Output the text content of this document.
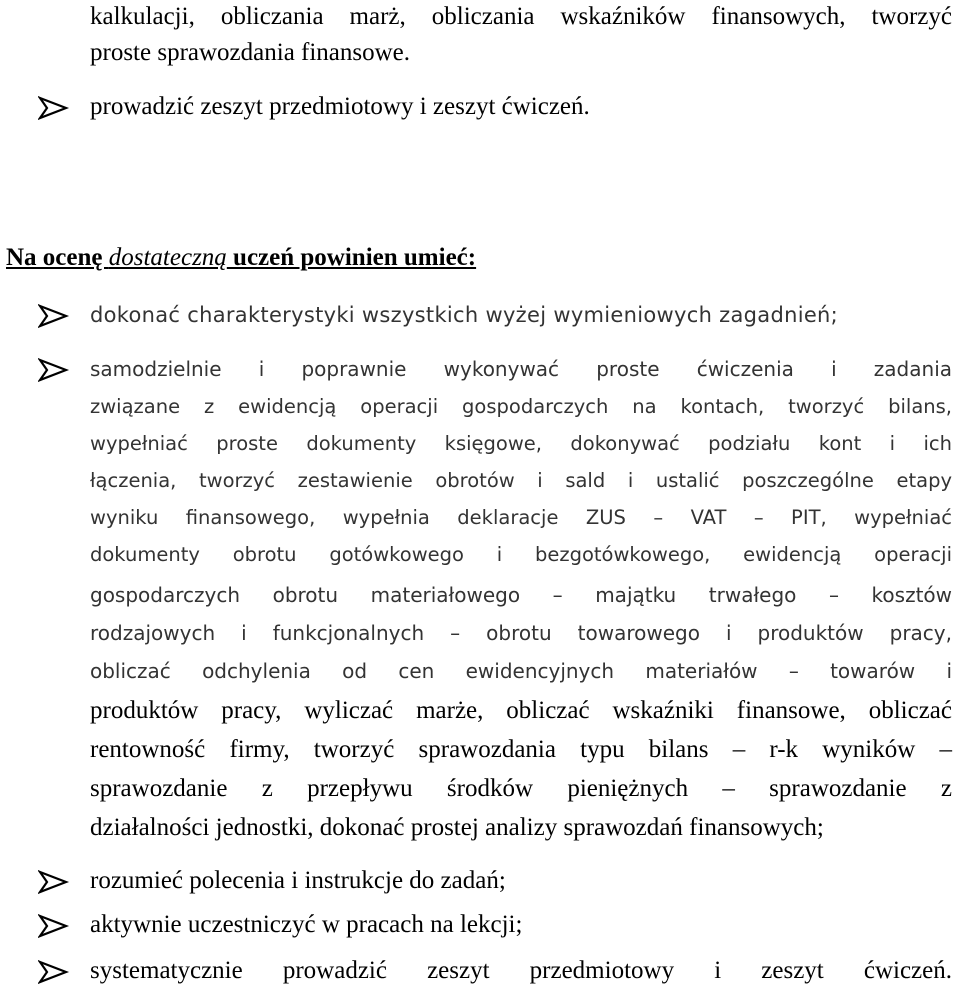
kalkulacji, obliczania marż, obliczania wskaźników finansowych, tworzyć
proste sprawozdania finansowe.
prowadzić zeszyt przedmiotowy i zeszyt ćwiczeń.
Na ocenę dostateczną uczeń powinien umieć:
dokonać charakterystyki wszystkich wyżej wymieniowych zagadnień;
samodzielnie i poprawnie wykonywać proste ćwiczenia i zadania
związane z ewidencją operacji gospodarczych na kontach, tworzyć bilans,
wypełniać proste dokumenty księgowe, dokonywać podziału kont i ich
łączenia, tworzyć zestawienie obrotów i sald i ustalić poszczególne etapy
wyniku finansowego, wypełnia deklaracje ZUS – VAT – PIT, wypełniać
dokumenty obrotu gotówkowego i bezgotówkowego, ewidencją operacji
gospodarczych obrotu materiałowego – majątku trwałego – kosztów
rodzajowych i funkcjonalnych – obrotu towarowego i produktów pracy,
obliczać odchylenia od cen ewidencyjnych materiałów – towarów i
produktów pracy, wyliczać marże, obliczać wskaźniki finansowe, obliczać
rentowność firmy, tworzyć sprawozdania typu bilans – r-k wyników –
sprawozdanie z przepływu środków pieniężnych – sprawozdanie z
działalności jednostki, dokonać prostej analizy sprawozdań finansowych;
rozumieć polecenia i instrukcje do zadań;
aktywnie uczestniczyć w pracach na lekcji;
systematycznie prowadzić zeszyt przedmiotowy i zeszyt ćwiczeń.
